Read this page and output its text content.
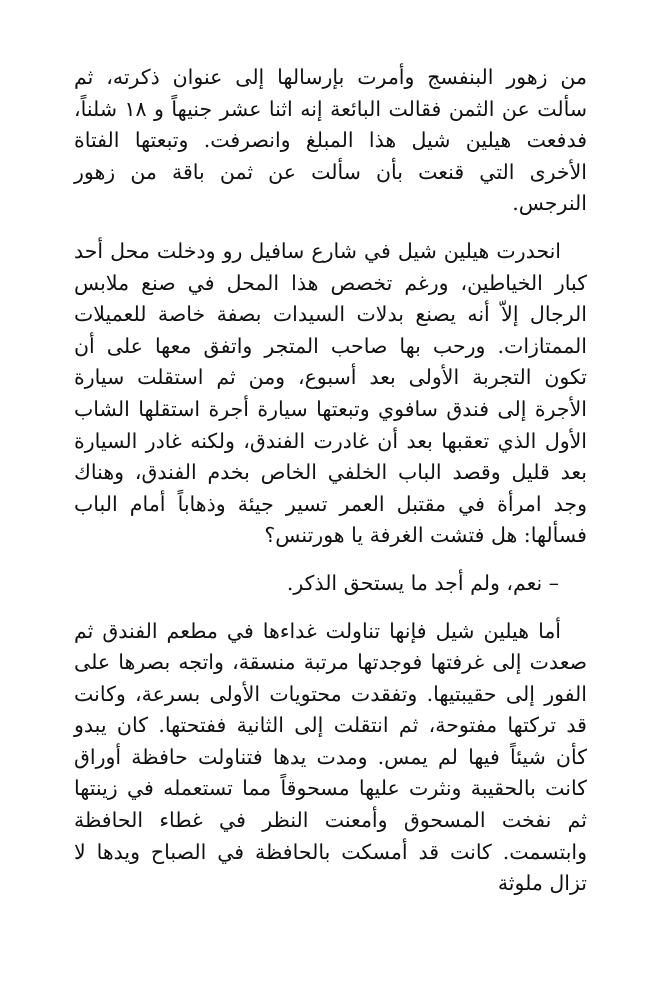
من زهور البنفسج وأمرت بإرسالها إلى عنوان ذكرته، ثم سألت عن الثمن فقالت البائعة إنه اثنا عشر جنيهاً و ١٨ شلناً، فدفعت هيلين شيل هذا المبلغ وانصرفت. وتبعتها الفتاة الأخرى التي قنعت بأن سألت عن ثمن باقة من زهور النرجس.

انحدرت هيلين شيل في شارع سافيل رو ودخلت محل أحد كبار الخياطين، ورغم تخصص هذا المحل في صنع ملابس الرجال إلاّ أنه يصنع بدلات السيدات بصفة خاصة للعميلات الممتازات. ورحب بها صاحب المتجر واتفق معها على أن تكون التجربة الأولى بعد أسبوع، ومن ثم استقلت سيارة الأجرة إلى فندق سافوي وتبعتها سيارة أجرة استقلها الشاب الأول الذي تعقبها بعد أن غادرت الفندق، ولكنه غادر السيارة بعد قليل وقصد الباب الخلفي الخاص بخدم الفندق، وهناك وجد امرأة في مقتبل العمر تسير جيئة وذهاباً أمام الباب فسألها: هل فتشت الغرفة يا هورتنس؟

– نعم، ولم أجد ما يستحق الذكر.

أما هيلين شيل فإنها تناولت غداءها في مطعم الفندق ثم صعدت إلى غرفتها فوجدتها مرتبة منسقة، واتجه بصرها على الفور إلى حقيبتيها. وتفقدت محتويات الأولى بسرعة، وكانت قد تركتها مفتوحة، ثم انتقلت إلى الثانية ففتحتها. كان يبدو كأن شيئاً فيها لم يمس. ومدت يدها فتناولت حافظة أوراق كانت بالحقيبة ونثرت عليها مسحوقاً مما تستعمله في زينتها ثم نفخت المسحوق وأمعنت النظر في غطاء الحافظة وابتسمت. كانت قد أمسكت بالحافظة في الصباح ويدها لا تزال ملوثة
